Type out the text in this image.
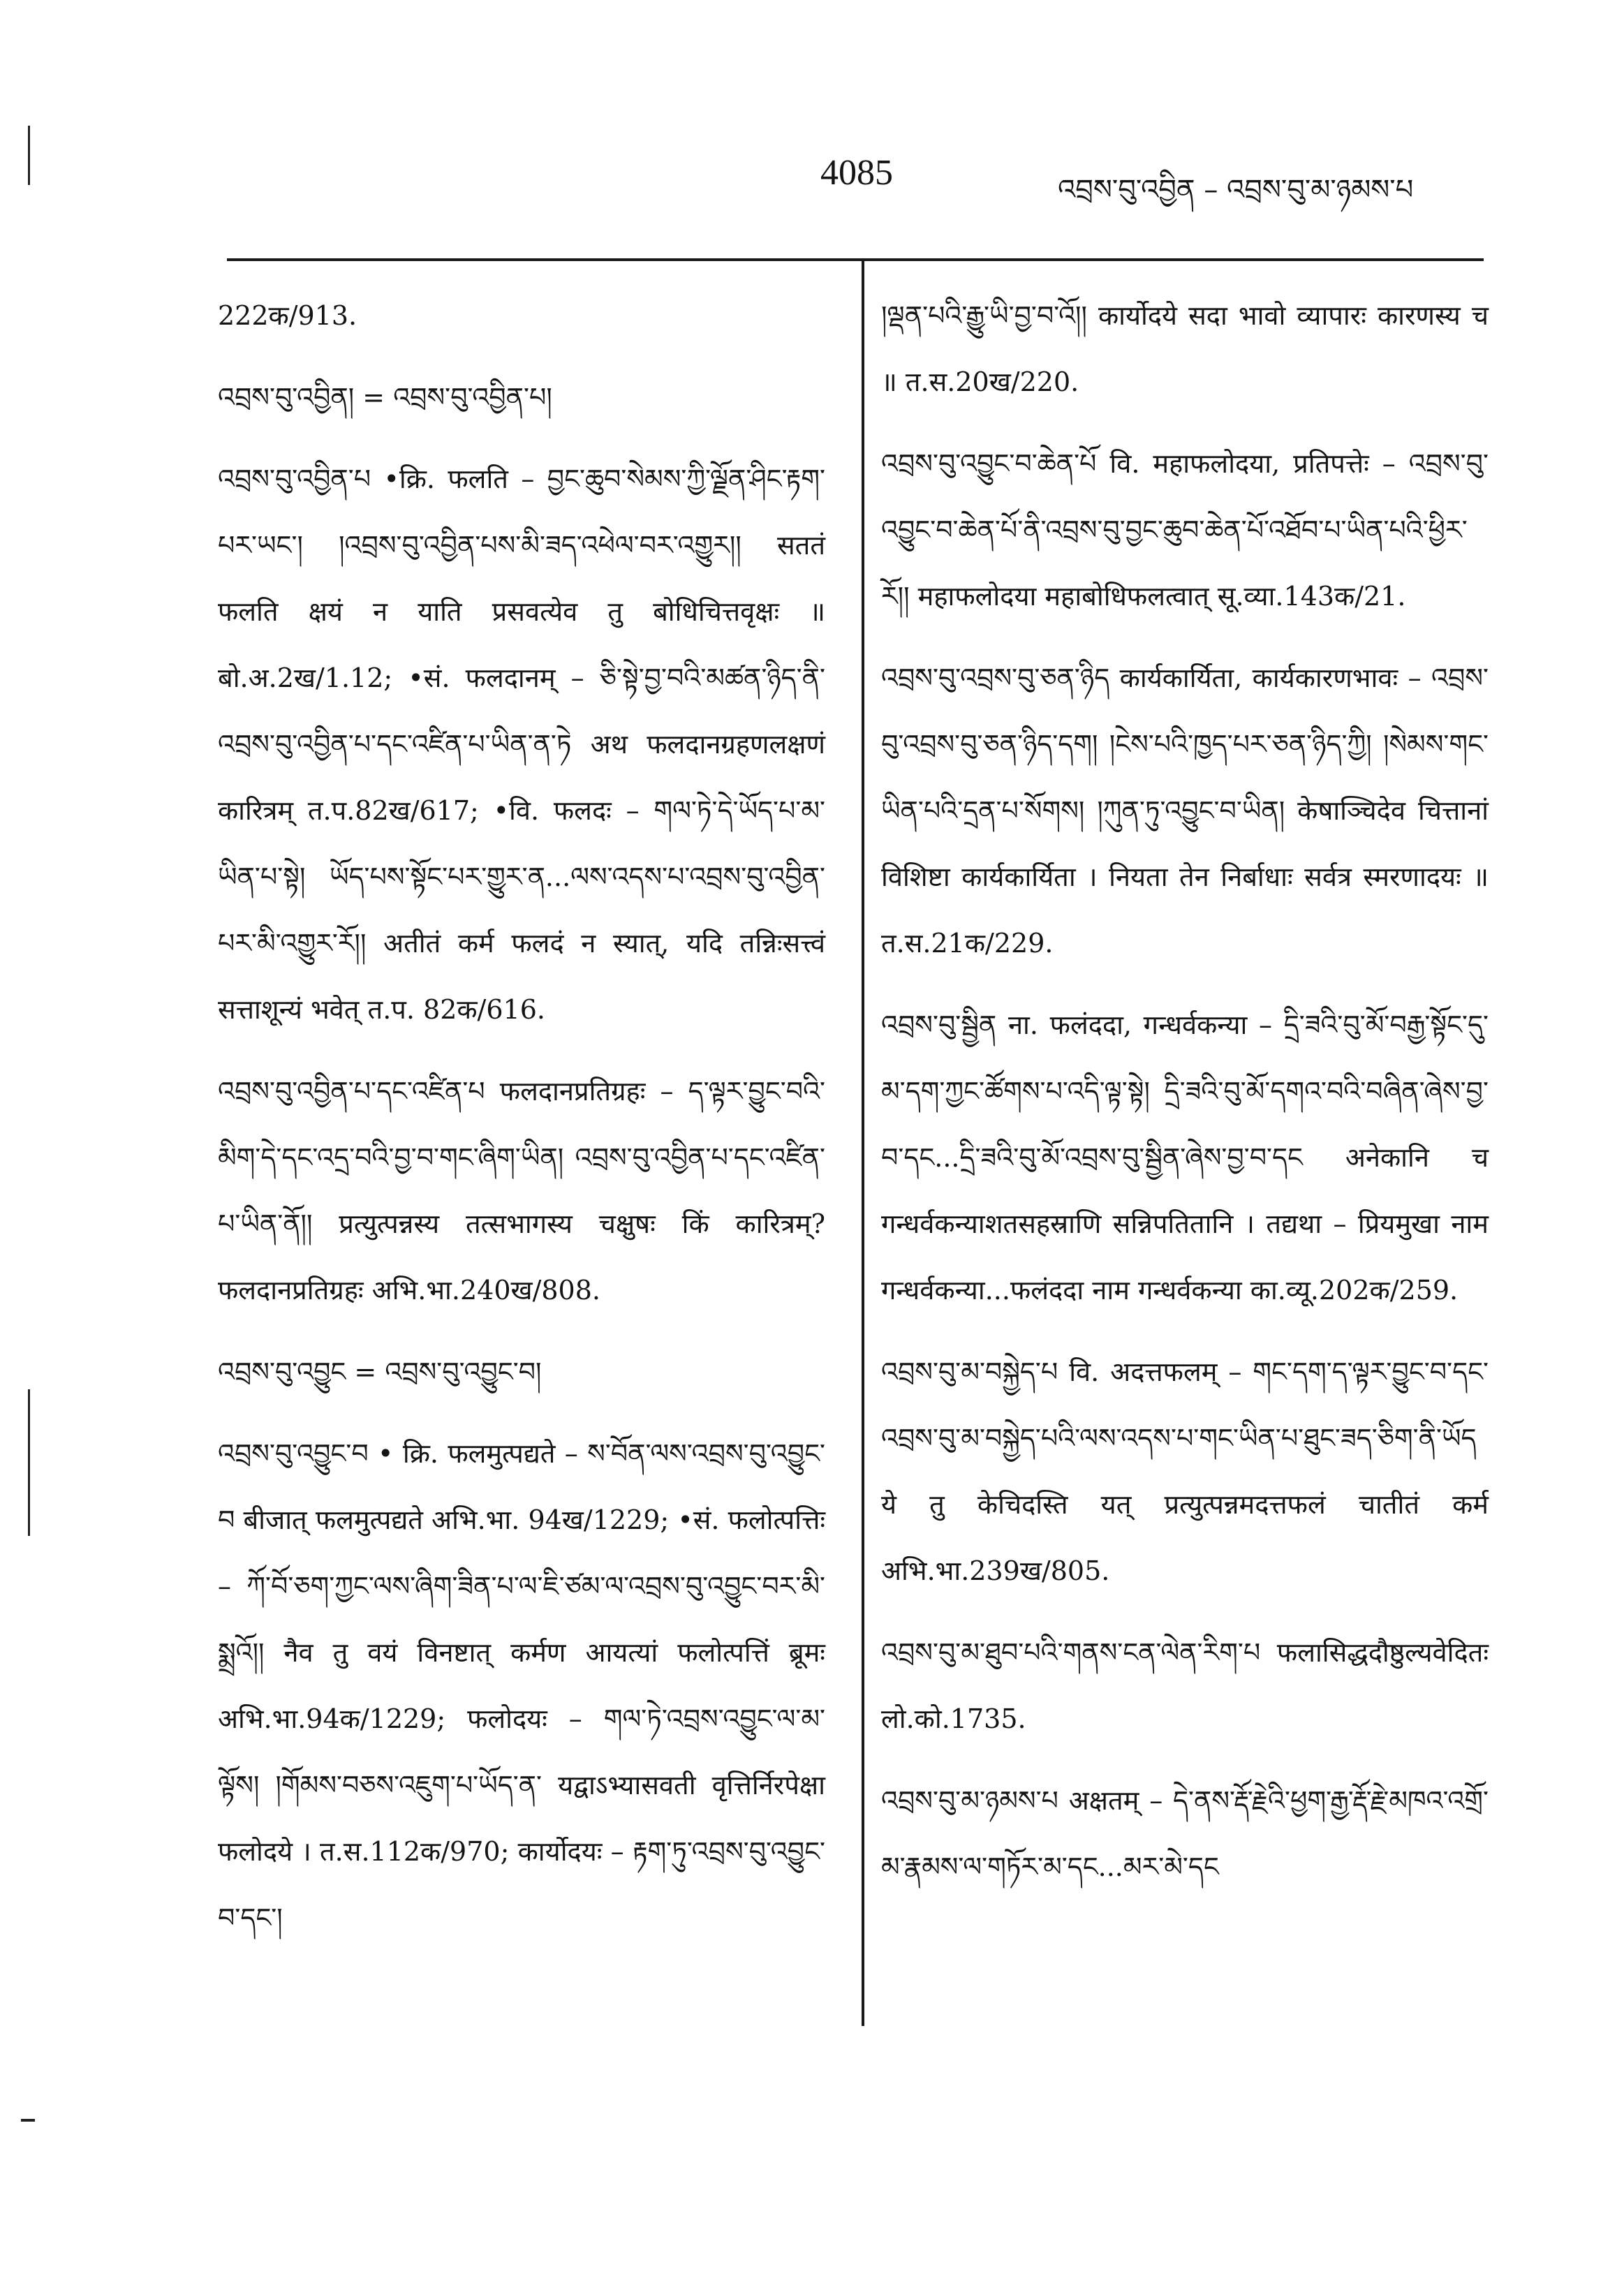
4085	འབྲས་བུ་འབྱིན – འབྲས་བུ་མ་ཉམས་པ
222क/913.
འབྲས་བུ་འབྱིན། = འབྲས་བུ་འབྱིན་པ།
འབྲས་བུ་འབྱིན་པ •क्रि. फलति – བྱང་ཆུབ་སེམས་ཀྱི་ལྗོན་ཤིང་རྟག་པར་ཡང་། །འབྲས་བུ་འབྱིན་པས་མི་ཟད་འཕེལ་བར་འགྱུར།། सततं फलति क्षयं न याति प्रसवत्येव तु बोधिचित्तवृक्षः ॥ बो.अ.2ख/1.12; •सं. फलदानम् – ཅི་སྟེ་བྱ་བའི་མཚན་ཉིད་ནི་འབྲས་བུ་འབྱིན་པ་དང་འཛིན་པ་ཡིན་ན་ཏེ अथ फलदानग्रहणलक्षणं कारित्रम् त.प.82ख/617; •वि. फलदः – གལ་ཏེ་དེ་ཡོད་པ་མ་ཡིན་པ་སྟེ། ཡོད་པས་སྟོང་པར་གྱུར་ན...ལས་འདས་པ་འབྲས་བུ་འབྱིན་པར་མི་འགྱུར་རོ།། अतीतं कर्म फलदं न स्यात्, यदि तन्निःसत्त्वं सत्ताशून्यं भवेत् त.प. 82क/616.
འབྲས་བུ་འབྱིན་པ་དང་འཛིན་པ फलदानप्रतिग्रहः – ད་ལྟར་བྱུང་བའི་མིག་དེ་དང་འདྲ་བའི་བྱ་བ་གང་ཞིག་ཡིན། འབྲས་བུ་འབྱིན་པ་དང་འཛིན་པ་ཡིན་ནོ།། प्रत्युत्पन्नस्य तत्सभागस्य चक्षुषः किं कारित्रम्? फलदानप्रतिग्रहः अभि.भा.240ख/808.
འབྲས་བུ་འབྱུང = འབྲས་བུ་འབྱུང་བ།
འབྲས་བུ་འབྱུང་བ • क्रि. फलमुत्पद्यते – ས་བོན་ལས་འབྲས་བུ་འབྱུང་བ बीजात् फलमुत्पद्यते अभि.भा. 94ख/1229; •सं. फलोत्पत्तिः – ཀོ་བོ་ཅག་ཀྱང་ལས་ཞིག་ཟིན་པ་ལ་ཇི་ཙམ་ལ་འབྲས་བུ་འབྱུང་བར་མི་སྨྲའོ།། नैव तु वयं विनष्टात् कर्मण आयत्यां फलोत्पत्तिं ब्रूमः अभि.भा.94क/1229; फलोदयः – གལ་ཏེ་འབྲས་འབྱུང་ལ་མ་ལྟོས། །གོམས་བཅས་འཇུག་པ་ཡོད་ན་ यद्वाऽभ्यासवती वृत्तिर्निरपेक्षा फलोदये । त.स.112क/970; कार्योदयः – རྟག་ཏུ་འབྲས་བུ་འབྱུང་བ་དང་།
།ལྡན་པའི་རྒྱུ་ཡི་བྱ་བ་འོ།། कार्योदये सदा भावो व्यापारः कारणस्य च ॥ त.स.20ख/220.
འབྲས་བུ་འབྱུང་བ་ཆེན་པོ वि. महाफलोदया, प्रतिपत्तेः – འབྲས་བུ་འབྱུང་བ་ཆེན་པོ་ནི་འབྲས་བུ་བྱང་ཆུབ་ཆེན་པོ་འཐོབ་པ་ཡིན་པའི་ཕྱིར་རོ།། महाफलोदया महाबोधिफलत्वात् सू.व्या.143क/21.
འབྲས་བུ་འབྲས་བུ་ཅན་ཉིད कार्यकार्यिता, कार्यकारणभावः – འབྲས་བུ་འབྲས་བུ་ཅན་ཉིད་དག། །ངེས་པའི་ཁྱད་པར་ཅན་ཉིད་ཀྱི། །སེམས་གང་ཡིན་པའི་དྲན་པ་སོགས། །ཀུན་ཏུ་འབྱུང་བ་ཡིན། केषाञ्चिदेव चित्तानां विशिष्टा कार्यकार्यिता । नियता तेन निर्बाधाः सर्वत्र स्मरणादयः ॥ त.स.21क/229.
འབྲས་བུ་སྦྱིན ना. फलंददा, गन्धर्वकन्या – དྲི་ཟའི་བུ་མོ་བརྒྱ་སྟོང་དུ་མ་དག་ཀྱང་ཚོགས་པ་འདི་ལྟ་སྟེ། དྲི་ཟའི་བུ་མོ་དགའ་བའི་བཞིན་ཞེས་བྱ་བ་དང...དྲི་ཟའི་བུ་མོ་འབྲས་བུ་སྦྱིན་ཞེས་བྱ་བ་དང अनेकानि च गन्धर्वकन्याशतसहस्राणि सन्निपतितानि । तद्यथा – प्रियमुखा नाम गन्धर्वकन्या...फलंददा नाम गन्धर्वकन्या का.व्यू.202क/259.
འབྲས་བུ་མ་བསྐྱེད་པ वि. अदत्तफलम् – གང་དག་ད་ལྟར་བྱུང་བ་དང་འབྲས་བུ་མ་བསྐྱེད་པའི་ལས་འདས་པ་གང་ཡིན་པ་ཐུང་ཟད་ཅིག་ནི་ཡོད ये तु केचिदस्ति यत् प्रत्युत्पन्नमदत्तफलं चातीतं कर्म अभि.भा.239ख/805.
འབྲས་བུ་མ་ཐུབ་པའི་གནས་ངན་ལེན་རིག་པ फलासिद्धदौष्ठुल्यवेदितः लो.को.1735.
འབྲས་བུ་མ་ཉམས་པ अक्षतम् – དེ་ནས་རྡོ་རྗེའི་ཕྱག་རྒྱ་རྡོ་རྗེ་མཁའ་འགྲོ་མ་རྣམས་ལ་གཏོར་མ་དང...མར་མེ་དང
